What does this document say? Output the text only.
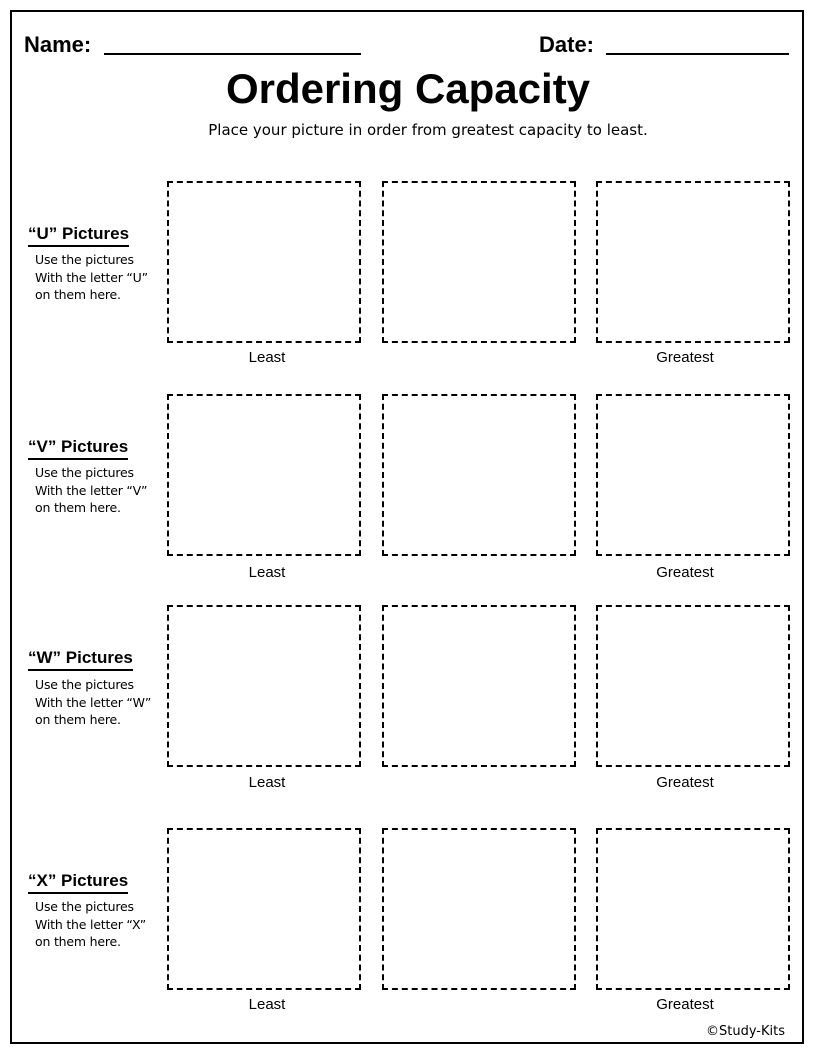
Name:	Date:
Ordering Capacity
Place your picture in order from greatest capacity to least.
“U” Pictures
Use the pictures
With the letter “U”
on them here.
Least	Greatest
“V” Pictures
Use the pictures
With the letter “V”
on them here.
Least	Greatest
“W” Pictures
Use the pictures
With the letter “W”
on them here.
Least	Greatest
“X” Pictures
Use the pictures
With the letter “X”
on them here.
Least	Greatest
©Study-Kits
